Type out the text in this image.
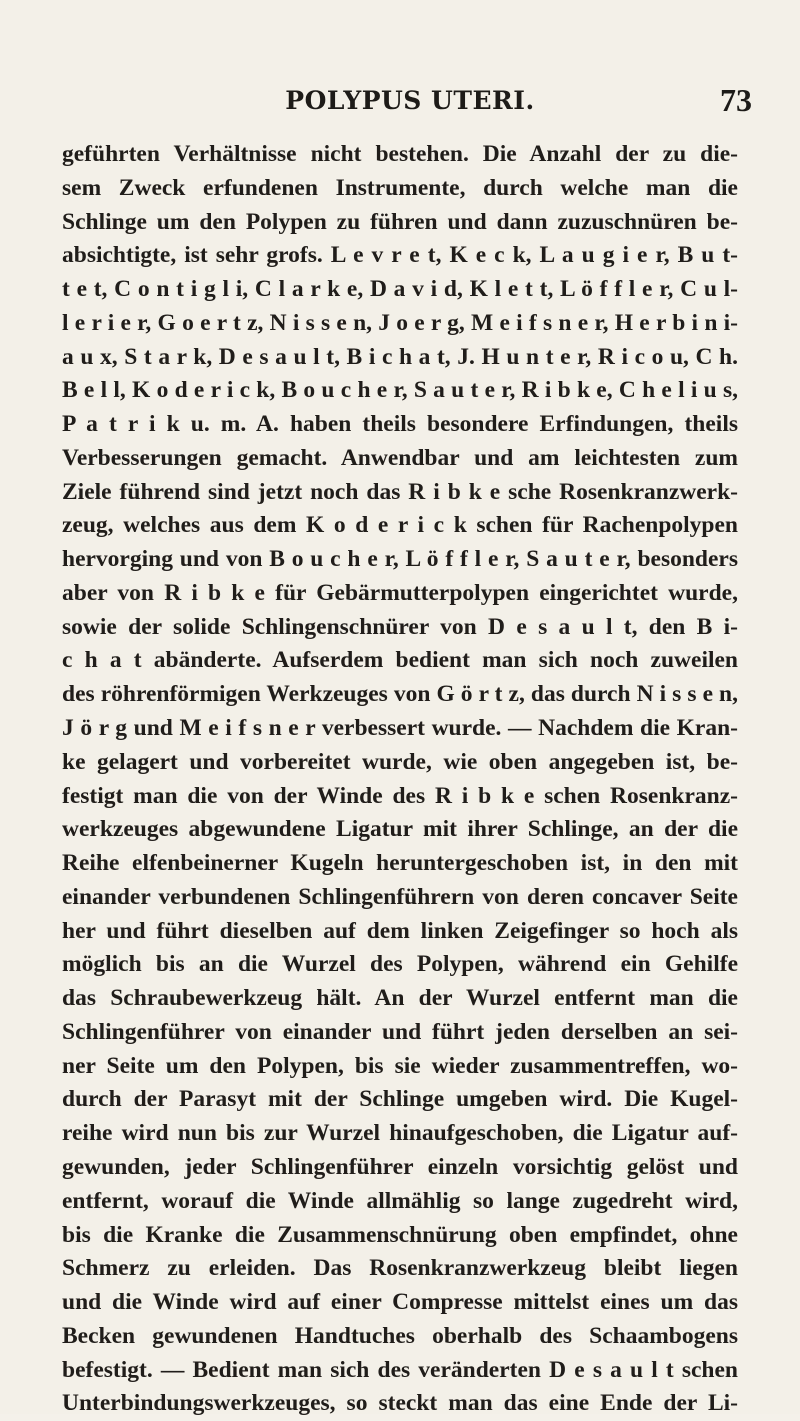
POLYPUS UTERI.	73
geführten Verhältnisse nicht bestehen. Die Anzahl der zu die-
sem Zweck erfundenen Instrumente, durch welche man die
Schlinge um den Polypen zu führen und dann zuzuschnüren be-
absichtigte, ist sehr grofs. L e v r e t, K e c k, L a u g i e r, B u t-
t e t, C o n t i g l i, C l a r k e, D a v i d, K l e t t, L ö f f l e r, C u l-
l e r i e r, G o e r t z, N i s s e n, J o e r g, M e i f s n e r, H e r b i n i-
a u x, S t a r k, D e s a u l t, B i c h a t, J. H u n t e r, R i c o u, C h.
B e l l, K o d e r i c k, B o u c h e r, S a u t e r, R i b k e, C h e l i u s,
P a t r i k u. m. A. haben theils besondere Erfindungen, theils
Verbesserungen gemacht. Anwendbar und am leichtesten zum
Ziele führend sind jetzt noch das R i b k e sche Rosenkranzwerk-
zeug, welches aus dem K o d e r i c k schen für Rachenpolypen
hervorging und von B o u c h e r, L ö f f l e r, S a u t e r, besonders
aber von R i b k e für Gebärmutterpolypen eingerichtet wurde,
sowie der solide Schlingenschnürer von D e s a u l t, den B i-
c h a t abänderte. Aufserdem bedient man sich noch zuweilen
des röhrenförmigen Werkzeuges von G ö r t z, das durch N i s s e n,
J ö r g und M e i f s n e r verbessert wurde. — Nachdem die Kran-
ke gelagert und vorbereitet wurde, wie oben angegeben ist, be-
festigt man die von der Winde des R i b k e schen Rosenkranz-
werkzeuges abgewundene Ligatur mit ihrer Schlinge, an der die
Reihe elfenbeinerner Kugeln heruntergeschoben ist, in den mit
einander verbundenen Schlingenführern von deren concaver Seite
her und führt dieselben auf dem linken Zeigefinger so hoch als
möglich bis an die Wurzel des Polypen, während ein Gehilfe
das Schraubewerkzeug hält. An der Wurzel entfernt man die
Schlingenführer von einander und führt jeden derselben an sei-
ner Seite um den Polypen, bis sie wieder zusammentreffen, wo-
durch der Parasyt mit der Schlinge umgeben wird. Die Kugel-
reihe wird nun bis zur Wurzel hinaufgeschoben, die Ligatur auf-
gewunden, jeder Schlingenführer einzeln vorsichtig gelöst und
entfernt, worauf die Winde allmählig so lange zugedreht wird,
bis die Kranke die Zusammenschnürung oben empfindet, ohne
Schmerz zu erleiden. Das Rosenkranzwerkzeug bleibt liegen
und die Winde wird auf einer Compresse mittelst eines um das
Becken gewundenen Handtuches oberhalb des Schaambogens
befestigt. — Bedient man sich des veränderten D e s a u l t schen
Unterbindungswerkzeuges, so steckt man das eine Ende der Li-
